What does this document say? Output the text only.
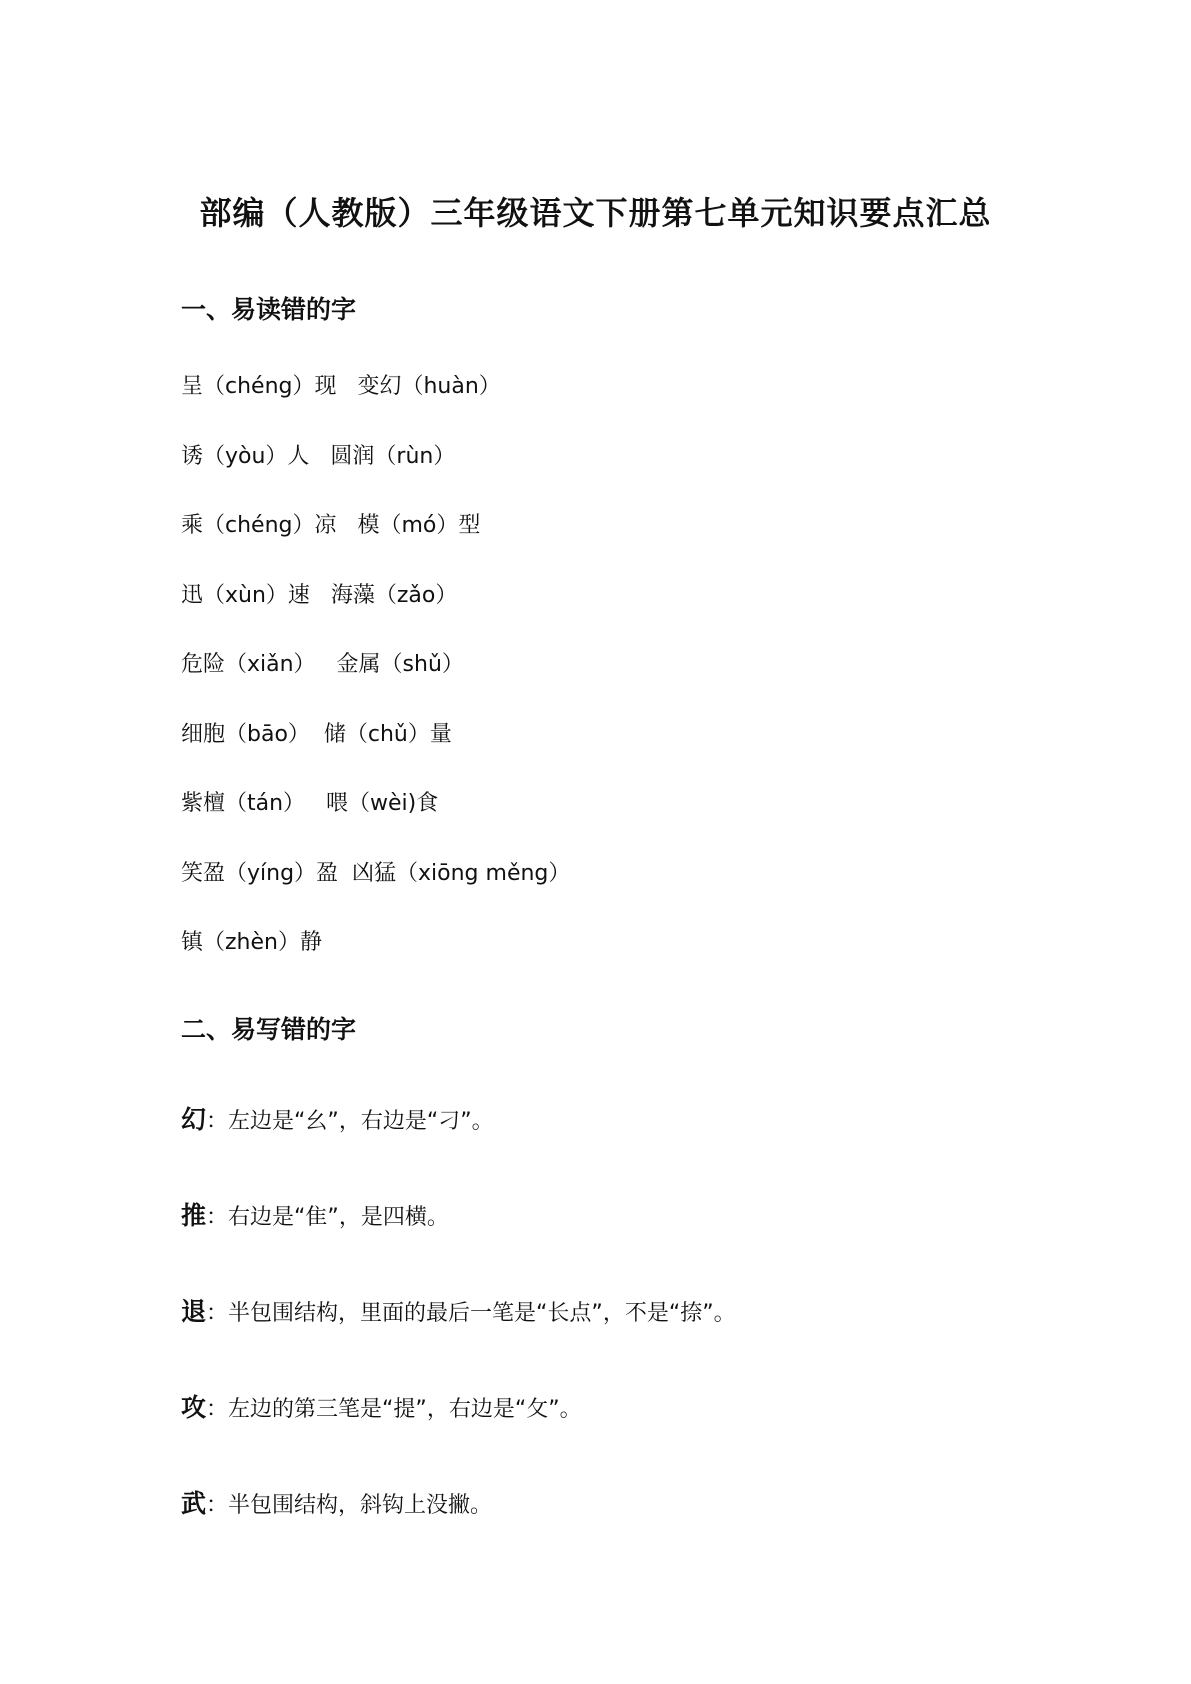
部编（人教版）三年级语文下册第七单元知识要点汇总
一、易读错的字
呈（chéng）现   变幻（huàn）
诱（yòu）人   圆润（rùn）
乘（chéng）凉   模（mó）型
迅（xùn）速   海藻（zǎo）
危险（xiǎn）   金属（shǔ）
细胞（bāo）  储（chǔ）量
紫檀（tán）   喂（wèi)食
笑盈（yíng）盈  凶猛（xiōng měng）
镇（zhèn）静
二、易写错的字
幻：左边是“幺”，右边是“刁”。
推：右边是“隹”，是四横。
退：半包围结构，里面的最后一笔是“长点”，不是“捺”。
攻：左边的第三笔是“提”，右边是“攵”。
武：半包围结构，斜钩上没撇。
